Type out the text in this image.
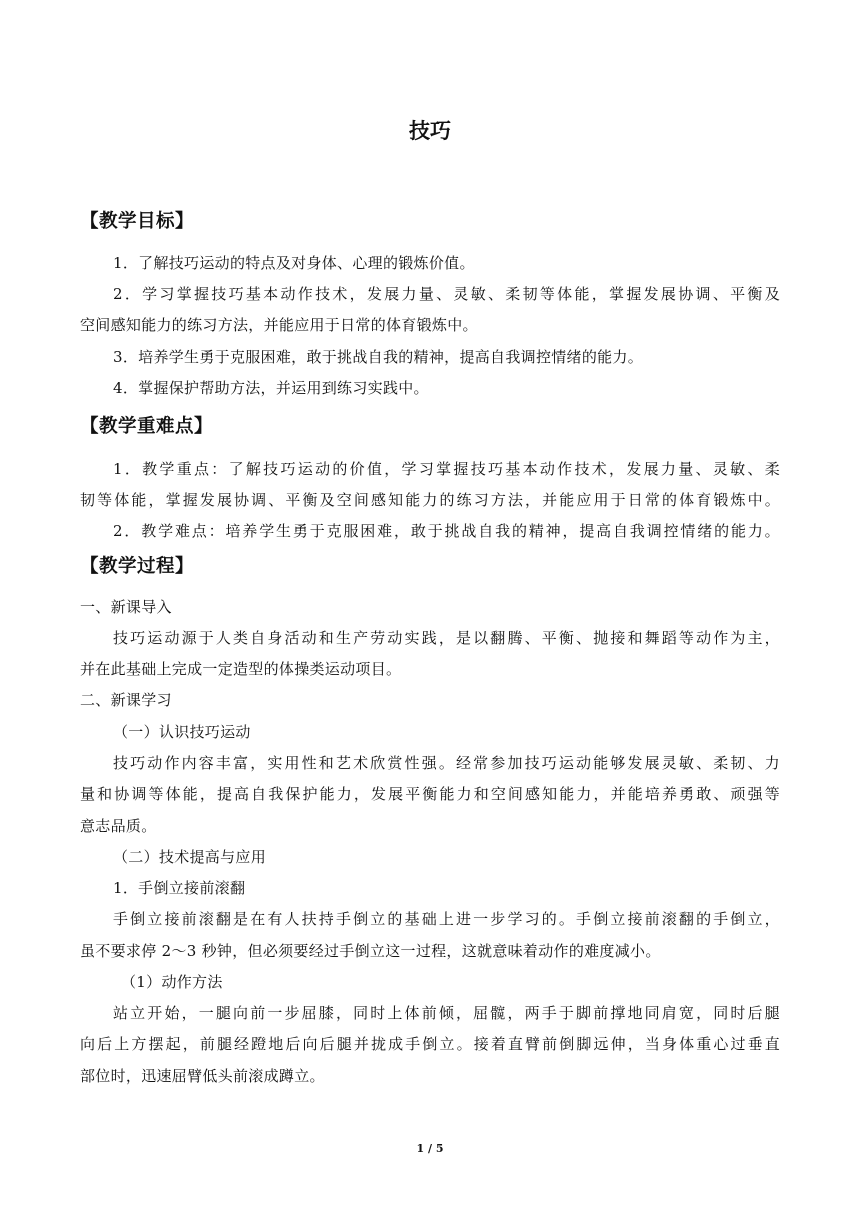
技巧
【教学目标】
1．了解技巧运动的特点及对身体、心理的锻炼价值。
2．学习掌握技巧基本动作技术，发展力量、灵敏、柔韧等体能，掌握发展协调、平衡及
空间感知能力的练习方法，并能应用于日常的体育锻炼中。
3．培养学生勇于克服困难，敢于挑战自我的精神，提高自我调控情绪的能力。
4．掌握保护帮助方法，并运用到练习实践中。
【教学重难点】
1．教学重点：了解技巧运动的价值，学习掌握技巧基本动作技术，发展力量、灵敏、柔
韧等体能，掌握发展协调、平衡及空间感知能力的练习方法，并能应用于日常的体育锻炼中。
2．教学难点：培养学生勇于克服困难，敢于挑战自我的精神，提高自我调控情绪的能力。
【教学过程】
一、新课导入
技巧运动源于人类自身活动和生产劳动实践，是以翻腾、平衡、抛接和舞蹈等动作为主，
并在此基础上完成一定造型的体操类运动项目。
二、新课学习
（一）认识技巧运动
技巧动作内容丰富，实用性和艺术欣赏性强。经常参加技巧运动能够发展灵敏、柔韧、力
量和协调等体能，提高自我保护能力，发展平衡能力和空间感知能力，并能培养勇敢、顽强等
意志品质。
（二）技术提高与应用
1．手倒立接前滚翻
手倒立接前滚翻是在有人扶持手倒立的基础上进一步学习的。手倒立接前滚翻的手倒立，
虽不要求停 2～3 秒钟，但必须要经过手倒立这一过程，这就意味着动作的难度减小。
（1）动作方法
站立开始，一腿向前一步屈膝，同时上体前倾，屈髋，两手于脚前撑地同肩宽，同时后腿
向后上方摆起，前腿经蹬地后向后腿并拢成手倒立。接着直臂前倒脚远伸，当身体重心过垂直
部位时，迅速屈臂低头前滚成蹲立。
1 / 5
